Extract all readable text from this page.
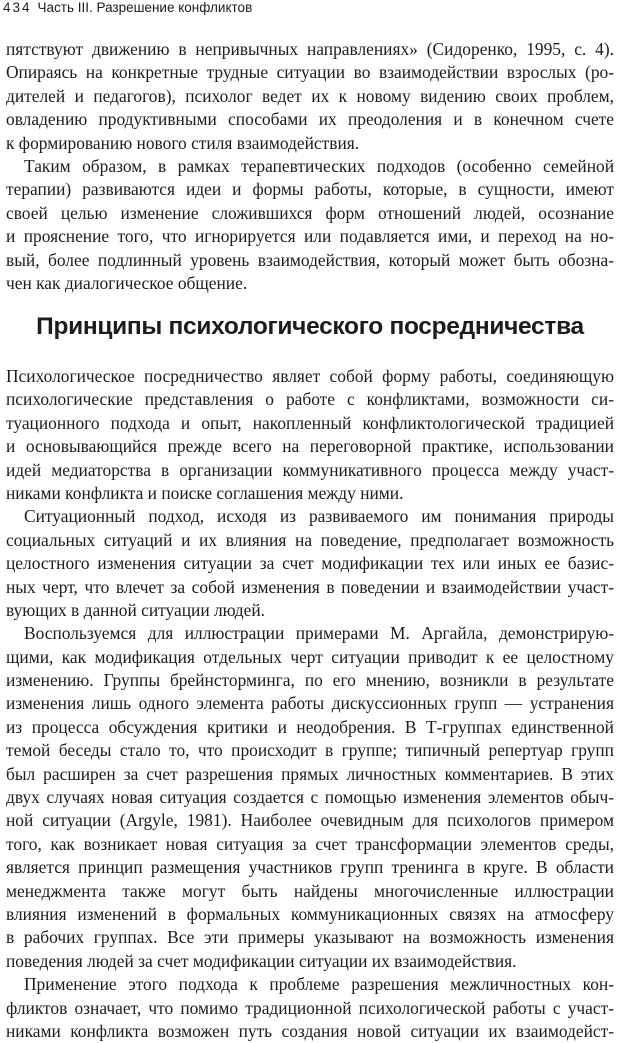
434 Часть III. Разрешение конфликтов
пятствуют движению в непривычных направлениях» (Сидоренко, 1995, с. 4).
Опираясь на конкретные трудные ситуации во взаимодействии взрослых (ро-
дителей и педагогов), психолог ведет их к новому видению своих проблем,
овладению продуктивными способами их преодоления и в конечном счете
к формированию нового стиля взаимодействия.
Таким образом, в рамках терапевтических подходов (особенно семейной
терапии) развиваются идеи и формы работы, которые, в сущности, имеют
своей целью изменение сложившихся форм отношений людей, осознание
и прояснение того, что игнорируется или подавляется ими, и переход на но-
вый, более подлинный уровень взаимодействия, который может быть обозна-
чен как диалогическое общение.
Принципы психологического посредничества
Психологическое посредничество являет собой форму работы, соединяющую
психологические представления о работе с конфликтами, возможности си-
туационного подхода и опыт, накопленный конфликтологической традицией
и основывающийся прежде всего на переговорной практике, использовании
идей медиаторства в организации коммуникативного процесса между участ-
никами конфликта и поиске соглашения между ними.
Ситуационный подход, исходя из развиваемого им понимания природы
социальных ситуаций и их влияния на поведение, предполагает возможность
целостного изменения ситуации за счет модификации тех или иных ее базис-
ных черт, что влечет за собой изменения в поведении и взаимодействии участ-
вующих в данной ситуации людей.
Воспользуемся для иллюстрации примерами М. Аргайла, демонстрирую-
щими, как модификация отдельных черт ситуации приводит к ее целостному
изменению. Группы брейнсторминга, по его мнению, возникли в результате
изменения лишь одного элемента работы дискуссионных групп — устранения
из процесса обсуждения критики и неодобрения. В Т-группах единственной
темой беседы стало то, что происходит в группе; типичный репертуар групп
был расширен за счет разрешения прямых личностных комментариев. В этих
двух случаях новая ситуация создается с помощью изменения элементов обыч-
ной ситуации (Argyle, 1981). Наиболее очевидным для психологов примером
того, как возникает новая ситуация за счет трансформации элементов среды,
является принцип размещения участников групп тренинга в круге. В области
менеджмента также могут быть найдены многочисленные иллюстрации
влияния изменений в формальных коммуникационных связях на атмосферу
в рабочих группах. Все эти примеры указывают на возможность изменения
поведения людей за счет модификации ситуации их взаимодействия.
Применение этого подхода к проблеме разрешения межличностных кон-
фликтов означает, что помимо традиционной психологической работы с участ-
никами конфликта возможен путь создания новой ситуации их взаимодейст-
